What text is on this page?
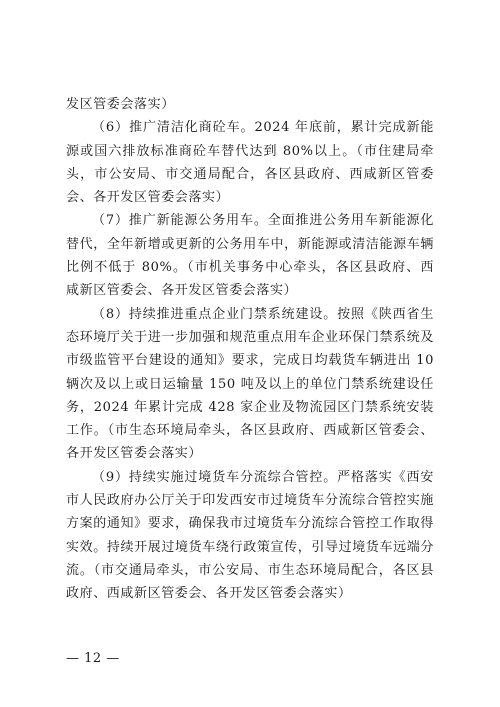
发区管委会落实）

（6）推广清洁化商砼车。2024 年底前，累计完成新能源或国六排放标准商砼车替代达到 80%以上。（市住建局牵头，市公安局、市交通局配合，各区县政府、西咸新区管委会、各开发区管委会落实）

（7）推广新能源公务用车。全面推进公务用车新能源化替代，全年新增或更新的公务用车中，新能源或清洁能源车辆比例不低于 80%。（市机关事务中心牵头，各区县政府、西咸新区管委会、各开发区管委会落实）

（8）持续推进重点企业门禁系统建设。按照《陕西省生态环境厅关于进一步加强和规范重点用车企业环保门禁系统及市级监管平台建设的通知》要求，完成日均载货车辆进出 10 辆次及以上或日运输量 150 吨及以上的单位门禁系统建设任务，2024 年累计完成 428 家企业及物流园区门禁系统安装工作。（市生态环境局牵头，各区县政府、西咸新区管委会、各开发区管委会落实）

（9）持续实施过境货车分流综合管控。严格落实《西安市人民政府办公厅关于印发西安市过境货车分流综合管控实施方案的通知》要求，确保我市过境货车分流综合管控工作取得实效。持续开展过境货车绕行政策宣传，引导过境货车远端分流。（市交通局牵头，市公安局、市生态环境局配合，各区县政府、西咸新区管委会、各开发区管委会落实）

— 12 —
